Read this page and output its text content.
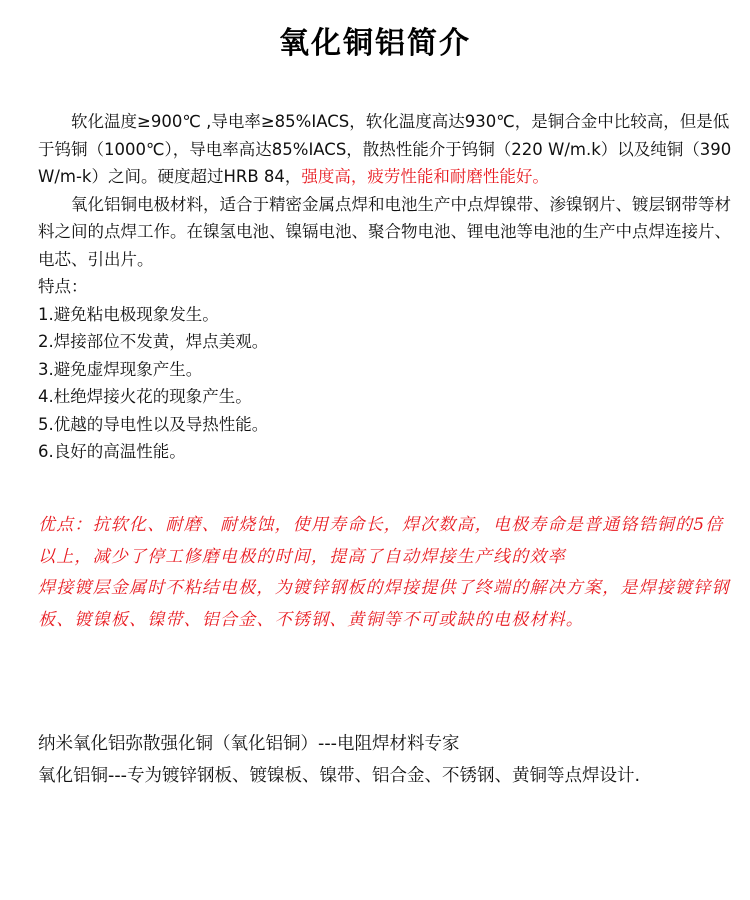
氧化铜铝简介

软化温度≥900℃ ,导电率≥85%IACS，软化温度高达930℃，是铜合金中比较高，但是低于钨铜（1000℃），导电率高达85%IACS，散热性能介于钨铜（220 W/m.k）以及纯铜（390 W/m-k）之间。硬度超过HRB 84，强度高，疲劳性能和耐磨性能好。

氧化铝铜电极材料，适合于精密金属点焊和电池生产中点焊镍带、渗镍钢片、镀层钢带等材料之间的点焊工作。在镍氢电池、镍镉电池、聚合物电池、锂电池等电池的生产中点焊连接片、电芯、引出片。

特点：

1.避免粘电极现象发生。

2.焊接部位不发黄，焊点美观。

3.避免虚焊现象产生。

4.杜绝焊接火花的现象产生。

5.优越的导电性以及导热性能。

6.良好的高温性能。

优点：抗软化、耐磨、耐烧蚀，使用寿命长，焊次数高，电极寿命是普通铬锆铜的5倍以上，减少了停工修磨电极的时间，提高了自动焊接生产线的效率

焊接镀层金属时不粘结电极，为镀锌钢板的焊接提供了终端的解决方案，是焊接镀锌钢板、镀镍板、镍带、铝合金、不锈钢、黄铜等不可或缺的电极材料。

纳米氧化铝弥散强化铜（氧化铝铜）---电阻焊材料专家

氧化铝铜---专为镀锌钢板、镀镍板、镍带、铝合金、不锈钢、黄铜等点焊设计.
